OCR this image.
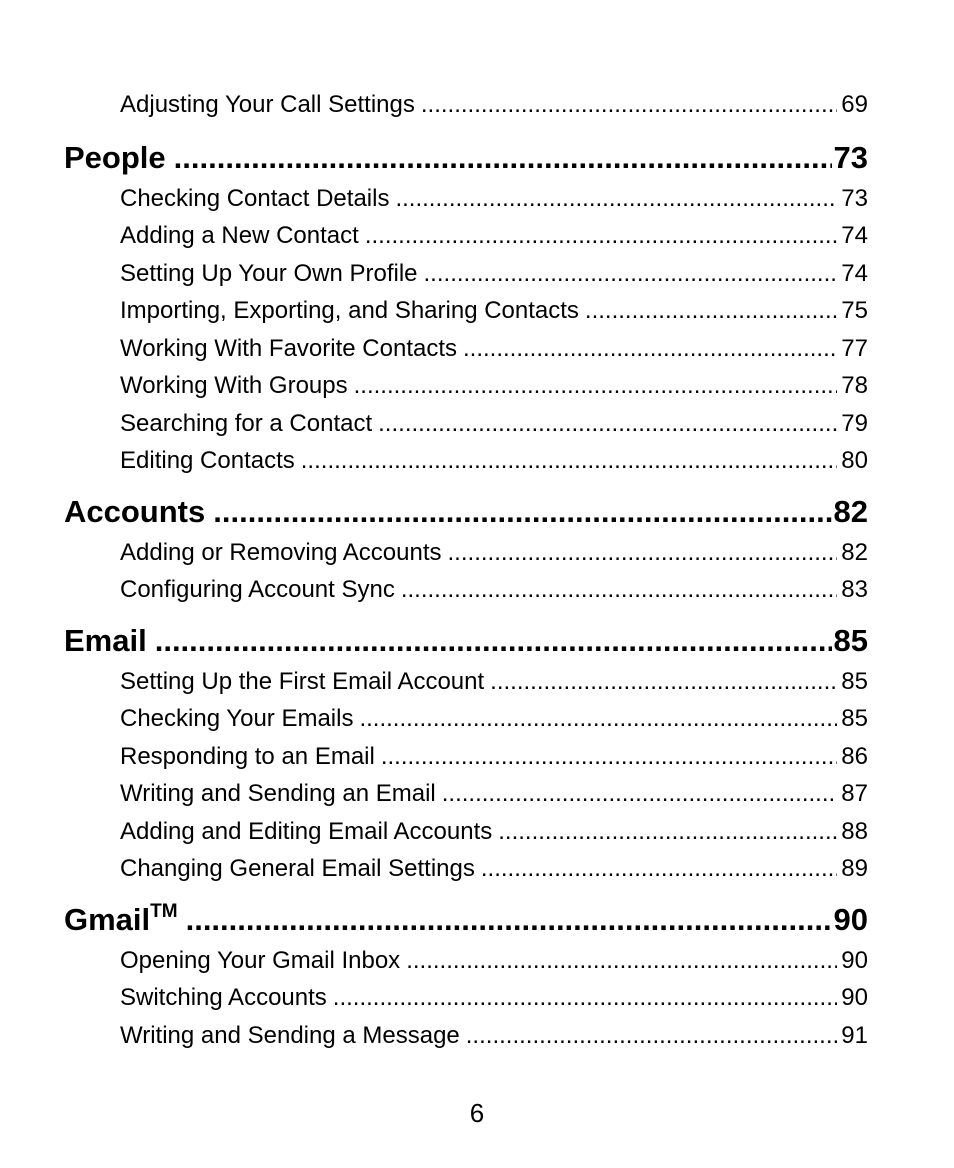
Adjusting Your Call Settings .....	69
People .....	73
Checking Contact Details .....	73
Adding a New Contact .....	74
Setting Up Your Own Profile .....	74
Importing, Exporting, and Sharing Contacts .....	75
Working With Favorite Contacts .....	77
Working With Groups .....	78
Searching for a Contact .....	79
Editing Contacts .....	80
Accounts .....	82
Adding or Removing Accounts .....	82
Configuring Account Sync .....	83
Email .....	85
Setting Up the First Email Account .....	85
Checking Your Emails .....	85
Responding to an Email .....	86
Writing and Sending an Email .....	87
Adding and Editing Email Accounts .....	88
Changing General Email Settings .....	89
Gmail™ .....	90
Opening Your Gmail Inbox .....	90
Switching Accounts .....	90
Writing and Sending a Message .....	91
6
